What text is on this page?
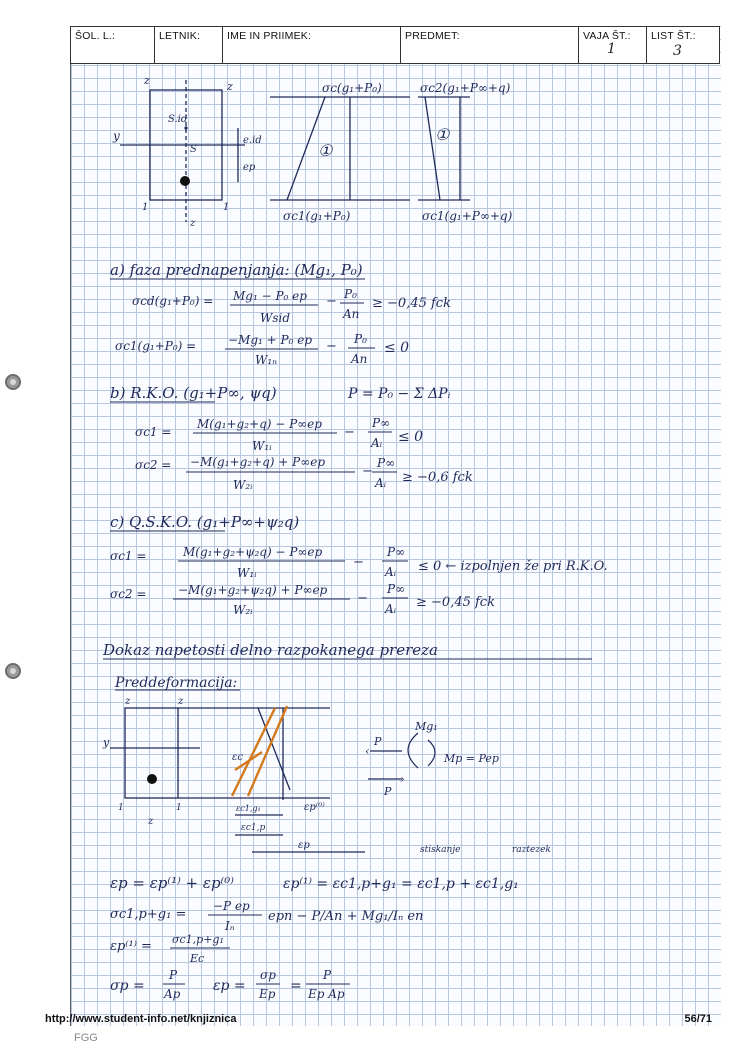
ŠOL. L.:	LETNIK:	IME IN PRIIMEK:	PREDMET:	VAJA ŠT.:
1
LIST ŠT.:
3
z	z
S.id
S
y	e.id
ep
1	1
z
σc(g₁+P₀)
σc1(g₁+P₀)
①
σc2(g₁+P∞+q)
σc1(g₁+P∞+q)
①
a) faza prednapenjanja: (Mg₁, P₀)
σcd(g₁+P₀) = Mg₁ − P₀ ep
Wsid
− P₀
An
≥ −0,45 fck
σc1(g₁+P₀) =	−Mg₁ + P₀ ep
W₁ₙ
− P₀
An
≤ 0
b) R.K.O. (g₁+P∞, ψq)	P = P₀ − Σ ΔPᵢ
σc1 =
M(g₁+g₂+q) − P∞ep
W₁ᵢ
−
P∞
Aᵢ ≤ 0
σc2 = −M(g₁+g₂+q) + P∞ep
W₂ᵢ
−
P∞
Aᵢ ≥ −0,6 fck
c) Q.S.K.O. (g₁+P∞+ψ₂q)
σc1 =	M(g₁+g₂+ψ₂q) − P∞ep
W₁ᵢ
−
P∞
Aᵢ ≤ 0 ← izpolnjen že pri R.K.O.
σc2 =	−M(g₁+g₂+ψ₂q) + P∞ep
W₂ᵢ
−
P∞
Aᵢ ≥ −0,45 fck
Dokaz napetosti delno razpokanega prereza
Preddeformacija:
z	z
y
1	1
z
εc
εc1,g₁
εc1,p
εp⁽⁰⁾
εp
‹
P
›
P
Mg₁
Mp = Pep
stiskanje	raztezek
εp = εp⁽¹⁾ + εp⁽⁰⁾	εp⁽¹⁾ = εc1,p+g₁ = εc1,p + εc1,g₁
σc1,p+g₁ =
−P ep
Iₙ
epn − P/An + Mg₁/Iₙ en
εp⁽¹⁾ = σc1,p+g₁
Ec
σp =
P
Ap εp =
σp
Ep =
P
Ep Ap
http://www.student-info.net/knjiznica	56/71
FGG
